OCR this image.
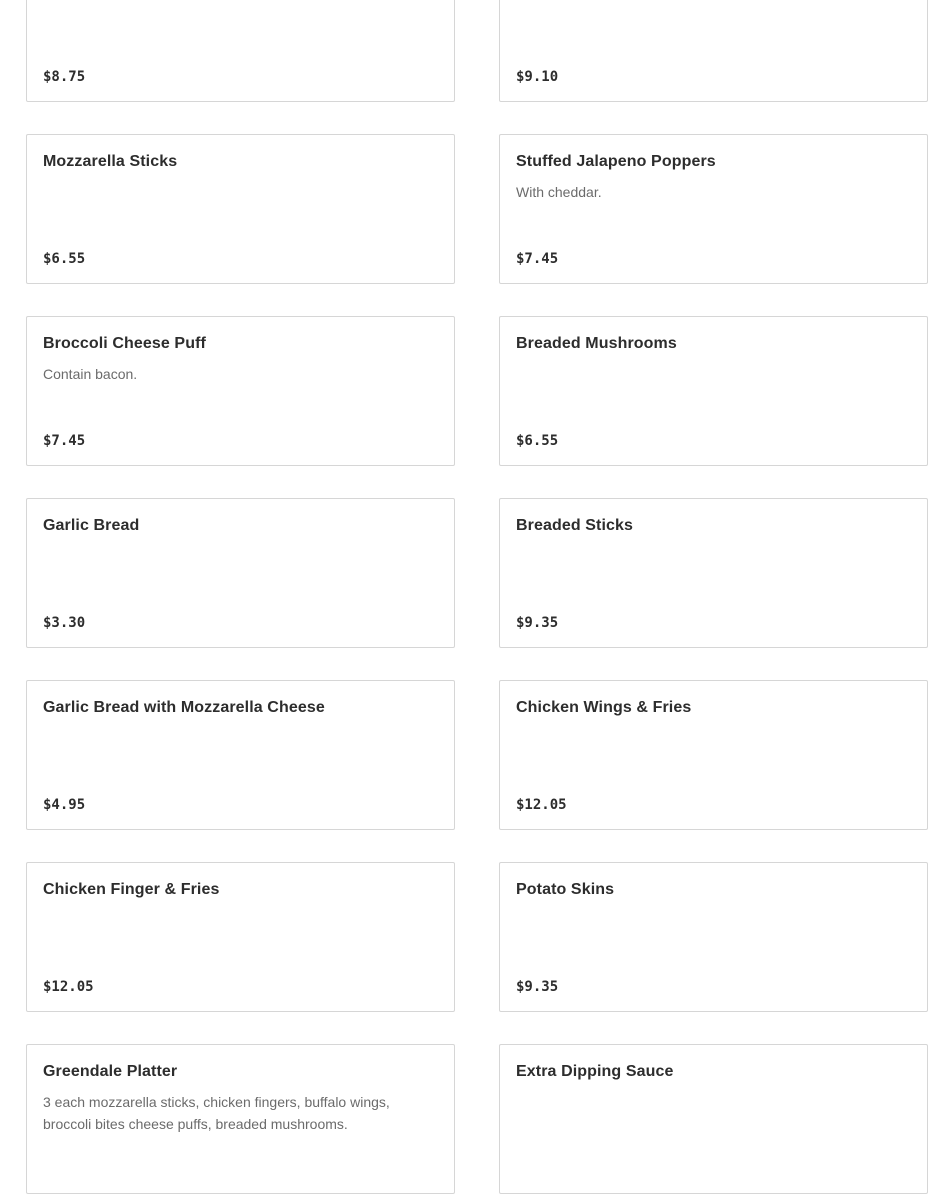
$8.75	$9.10
Mozzarella Sticks
$6.55
Stuffed Jalapeno Poppers
With cheddar.
$7.45
Broccoli Cheese Puff
Contain bacon.
$7.45
Breaded Mushrooms
$6.55
Garlic Bread
$3.30
Breaded Sticks
$9.35
Garlic Bread with Mozzarella Cheese
$4.95
Chicken Wings & Fries
$12.05
Chicken Finger & Fries
$12.05
Potato Skins
$9.35
Greendale Platter
3 each mozzarella sticks, chicken fingers, buffalo wings, broccoli bites cheese puffs, breaded mushrooms.
Extra Dipping Sauce
